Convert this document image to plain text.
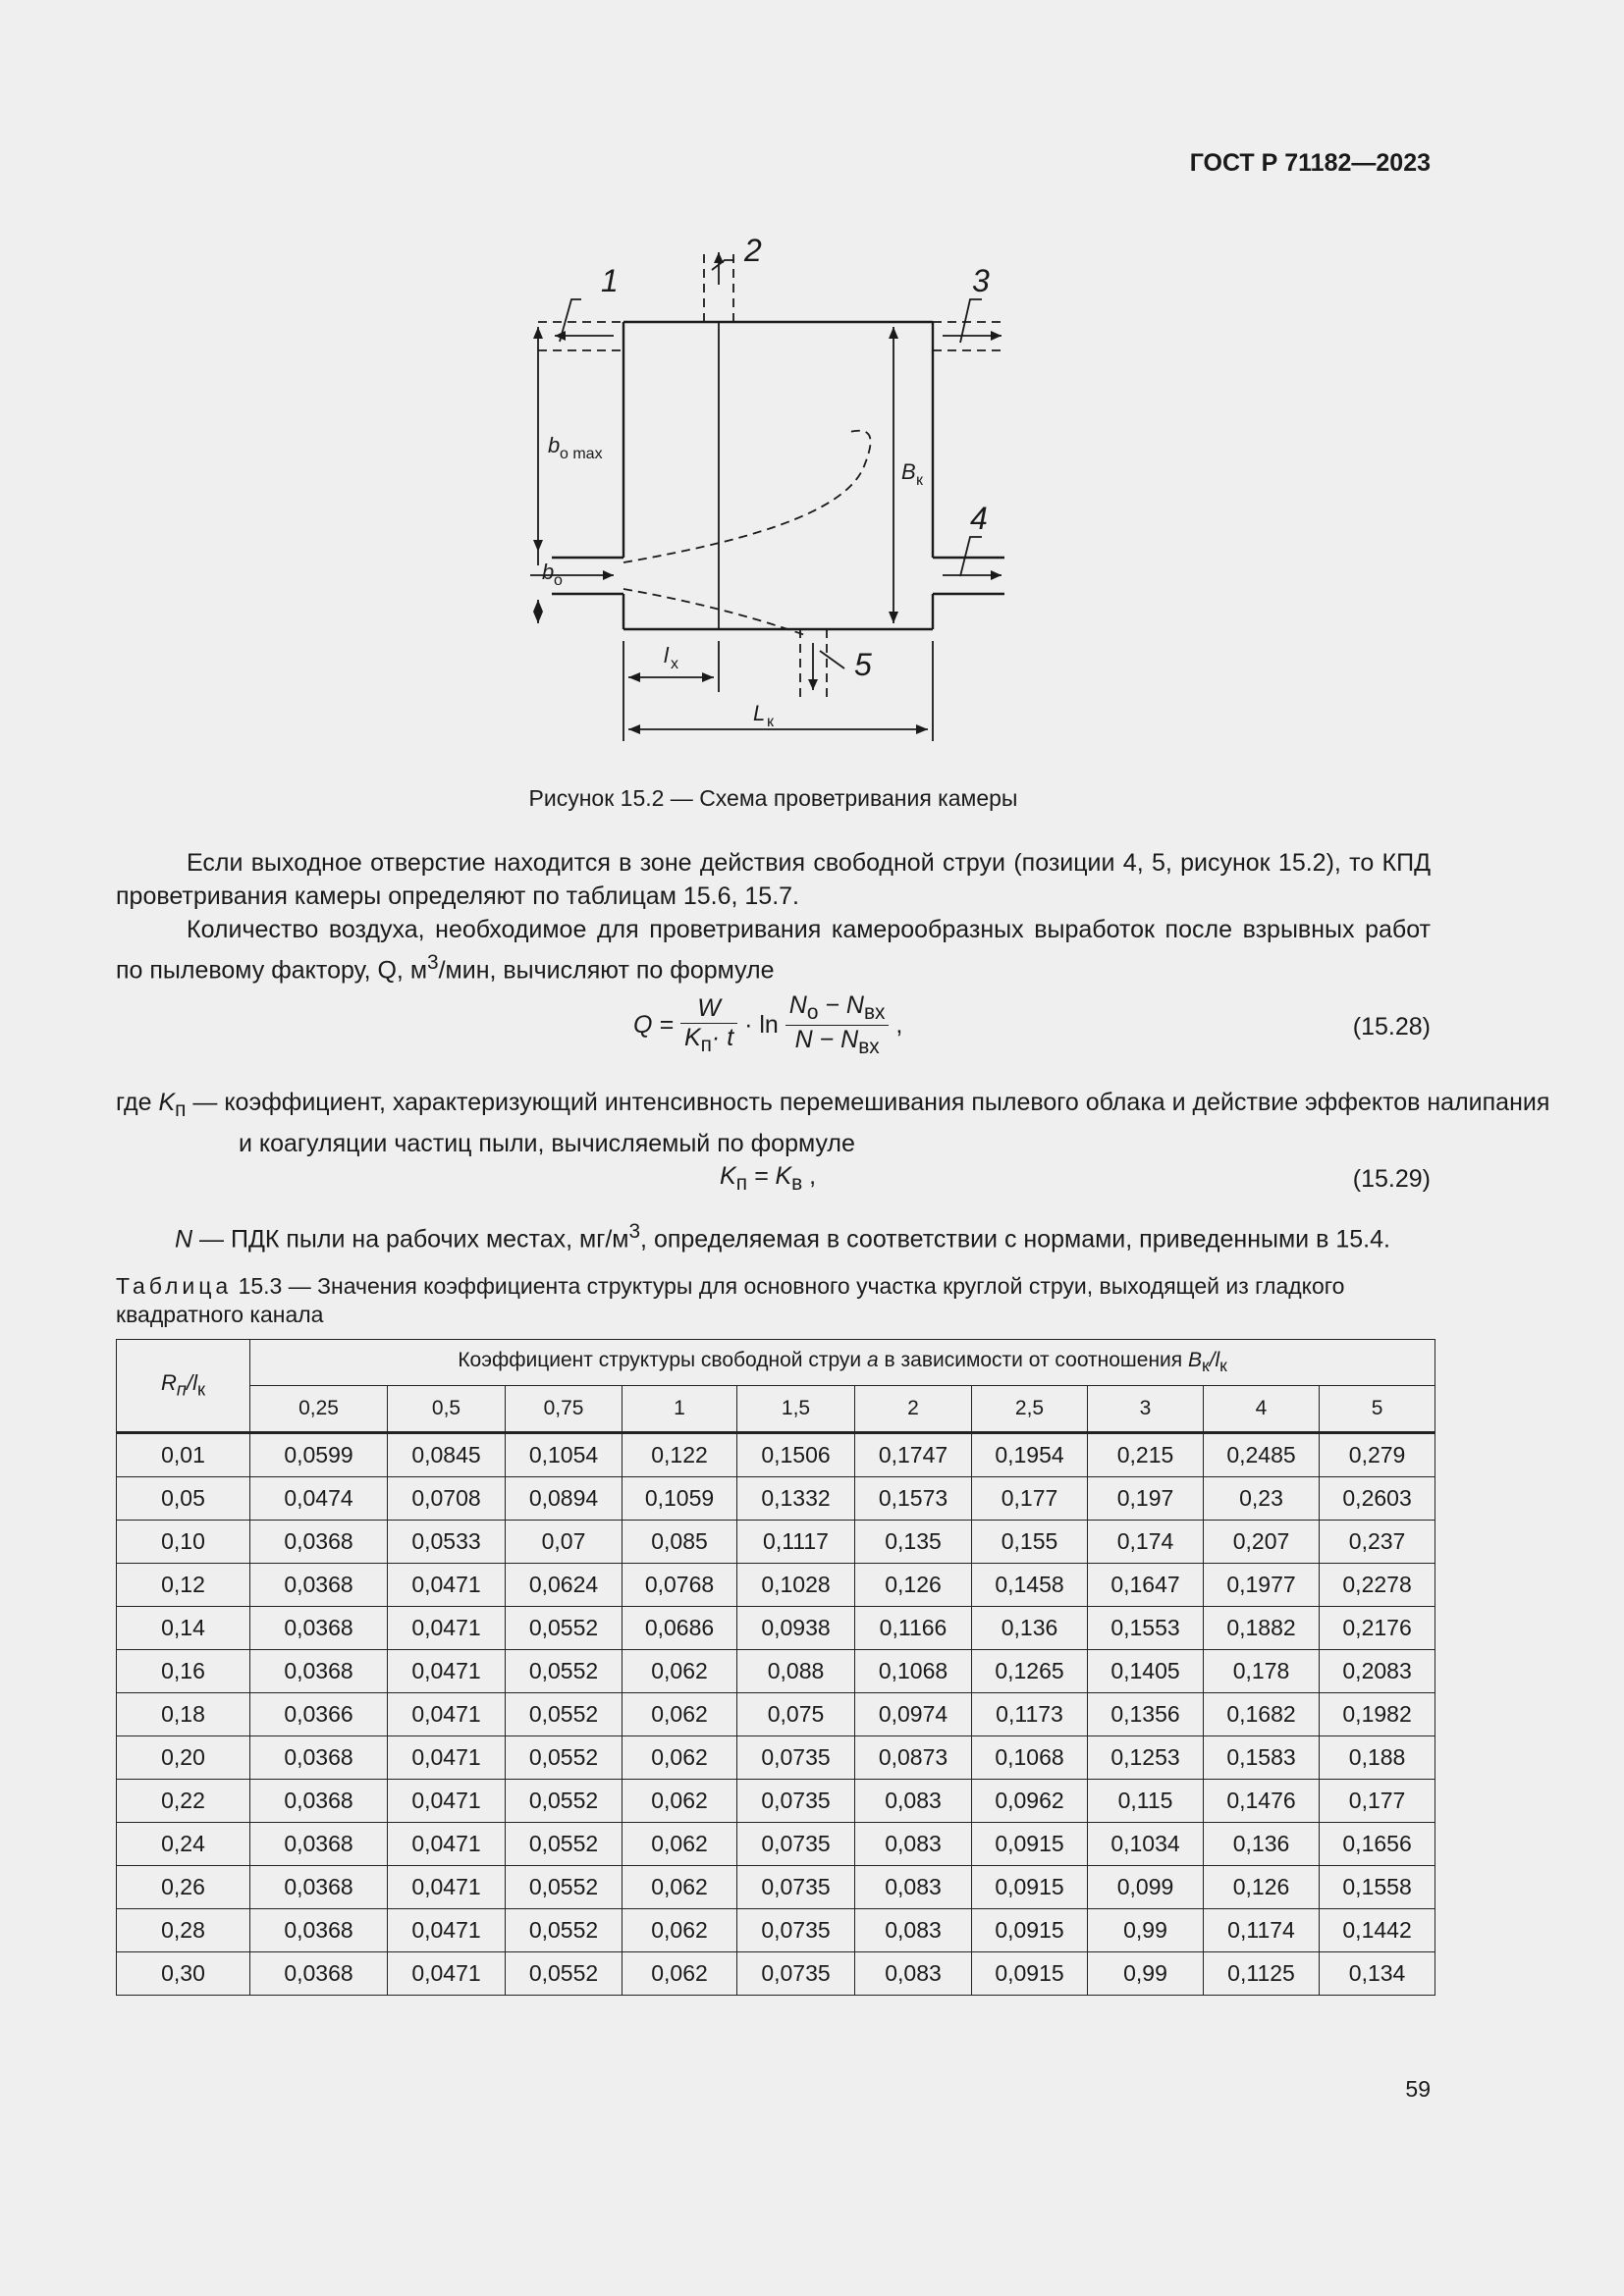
ГОСТ Р 71182—2023
1
2
3
4
5
b o max
b o
B к
l x
L к
Рисунок 15.2 — Схема проветривания камеры
Если выходное отверстие находится в зоне действия свободной струи (позиции 4, 5, рисунок 15.2), то КПД проветривания камеры определяют по таблицам 15.6, 15.7.
Количество воздуха, необходимое для проветривания камерообразных выработок после взрывных работ по пылевому фактору, Q, $м^3$/мин, вычисляют по формуле
$Q = \frac{W}{K_п\cdot t} \cdot \ln \frac{N_o - N_{вх}}{N - N_{вх}}$ ,	(15.28)
где $K_п$ — коэффициент, характеризующий интенсивность перемешивания пылевого облака и действие эффектов налипания и коагуляции частиц пыли, вычисляемый по формуле
$K_п = K_в$ ,	(15.29)
N — ПДК пыли на рабочих местах, $мг/м^3$, определяемая в соответствии с нормами, приведенными в 15.4.
Таблица 15.3 — Значения коэффициента структуры для основного участка круглой струи, выходящей из гладкого квадратного канала
$R_п/l_к$	Коэффициент структуры свободной струи a в зависимости от соотношения $B_к/l_к$
	0,25	0,5	0,75	1	1,5	2	2,5	3	4	5
0,01	0,0599	0,0845	0,1054	0,122	0,1506	0,1747	0,1954	0,215	0,2485	0,279
0,05	0,0474	0,0708	0,0894	0,1059	0,1332	0,1573	0,177	0,197	0,23	0,2603
0,10	0,0368	0,0533	0,07	0,085	0,1117	0,135	0,155	0,174	0,207	0,237
0,12	0,0368	0,0471	0,0624	0,0768	0,1028	0,126	0,1458	0,1647	0,1977	0,2278
0,14	0,0368	0,0471	0,0552	0,0686	0,0938	0,1166	0,136	0,1553	0,1882	0,2176
0,16	0,0368	0,0471	0,0552	0,062	0,088	0,1068	0,1265	0,1405	0,178	0,2083
0,18	0,0366	0,0471	0,0552	0,062	0,075	0,0974	0,1173	0,1356	0,1682	0,1982
0,20	0,0368	0,0471	0,0552	0,062	0,0735	0,0873	0,1068	0,1253	0,1583	0,188
0,22	0,0368	0,0471	0,0552	0,062	0,0735	0,083	0,0962	0,115	0,1476	0,177
0,24	0,0368	0,0471	0,0552	0,062	0,0735	0,083	0,0915	0,1034	0,136	0,1656
0,26	0,0368	0,0471	0,0552	0,062	0,0735	0,083	0,0915	0,099	0,126	0,1558
0,28	0,0368	0,0471	0,0552	0,062	0,0735	0,083	0,0915	0,99	0,1174	0,1442
0,30	0,0368	0,0471	0,0552	0,062	0,0735	0,083	0,0915	0,99	0,1125	0,134
59
